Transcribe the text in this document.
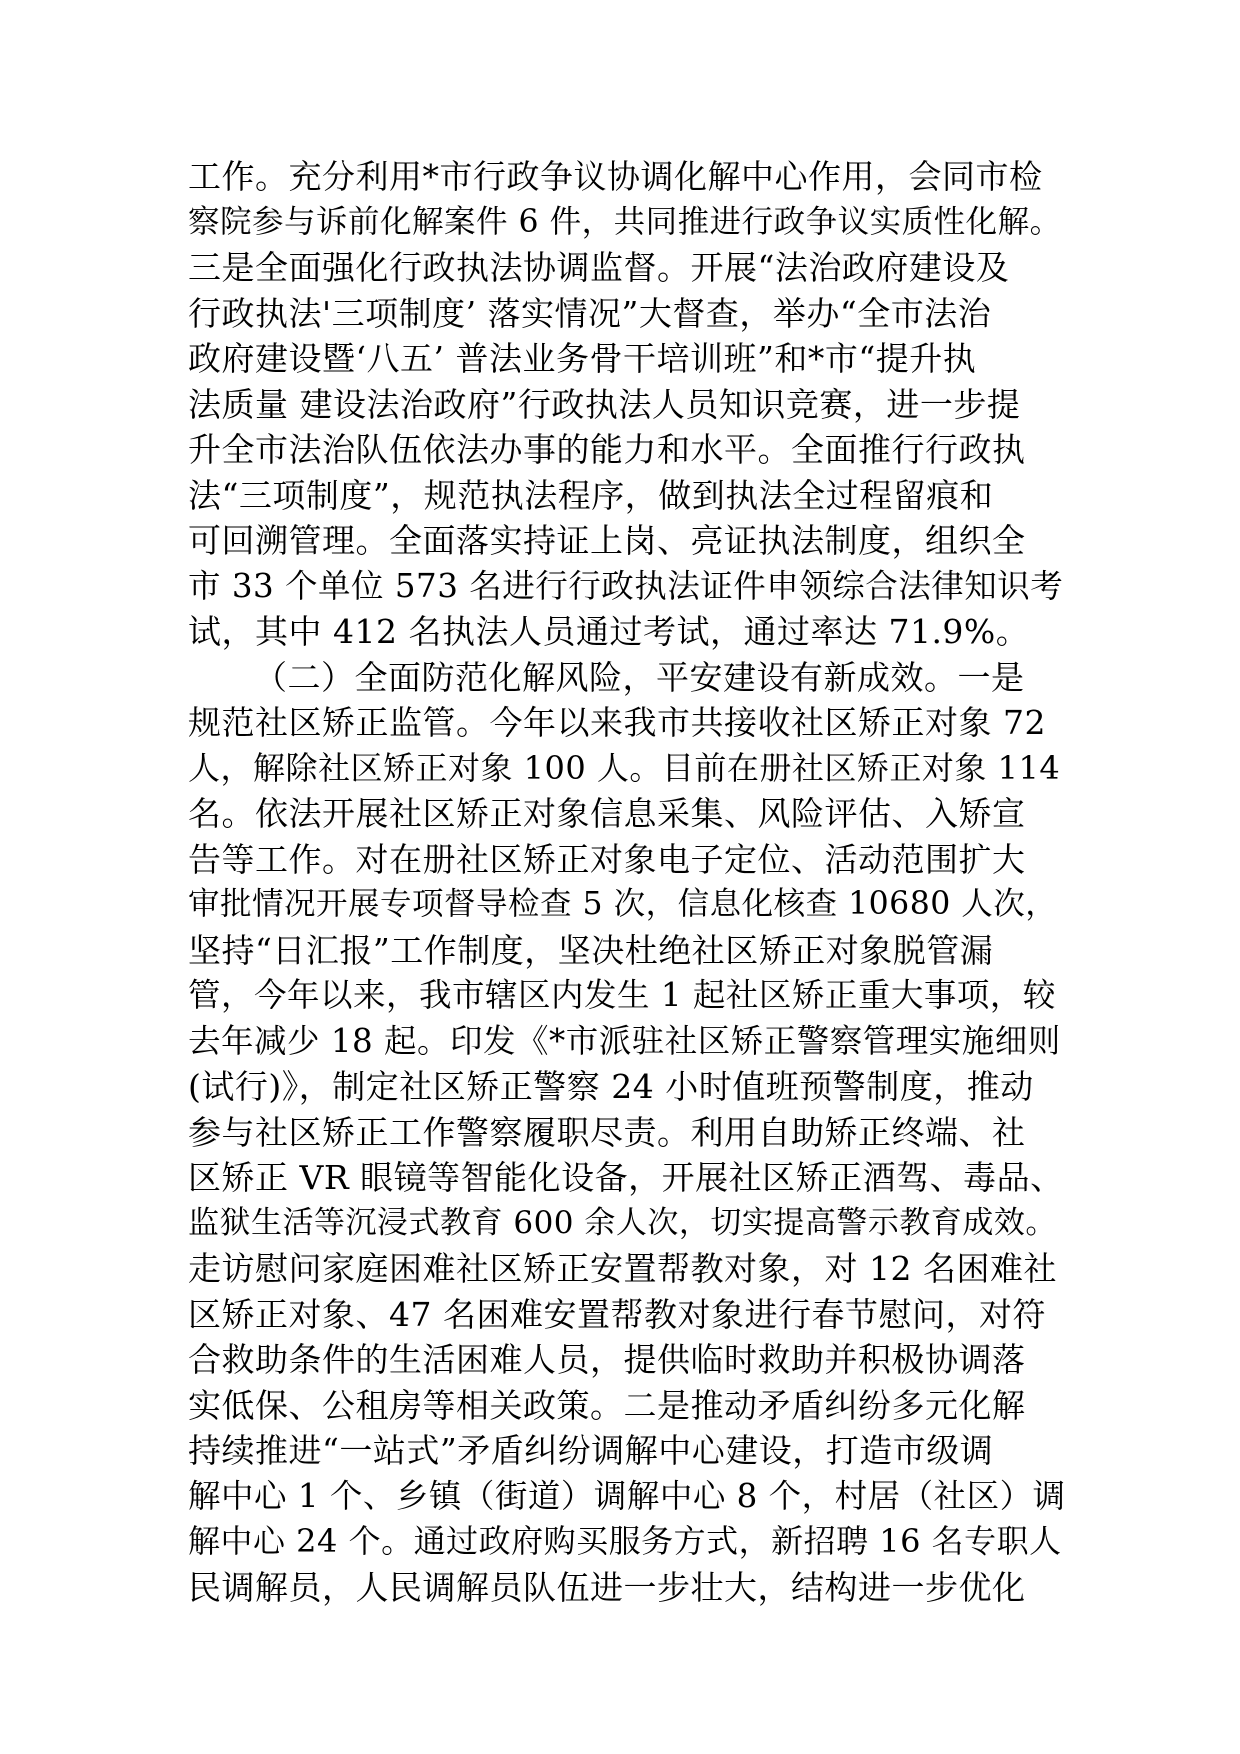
工作。充分利用*市行政争议协调化解中心作用，会同市检
察院参与诉前化解案件 6 件，共同推进行政争议实质性化解。
三是全面强化行政执法协调监督。开展“法治政府建设及
行政执法'三项制度’ 落实情况”大督查，举办“全市法治
政府建设暨‘八五’ 普法业务骨干培训班”和*市“提升执
法质量 建设法治政府”行政执法人员知识竞赛，进一步提
升全市法治队伍依法办事的能力和水平。全面推行行政执
法“三项制度”，规范执法程序，做到执法全过程留痕和
可回溯管理。全面落实持证上岗、亮证执法制度，组织全
市 33 个单位 573 名进行行政执法证件申领综合法律知识考
试，其中 412 名执法人员通过考试，通过率达 71.9%。
（二）全面防范化解风险，平安建设有新成效。一是
规范社区矫正监管。今年以来我市共接收社区矫正对象 72
人，解除社区矫正对象 100 人。目前在册社区矫正对象 114
名。依法开展社区矫正对象信息采集、风险评估、入矫宣
告等工作。对在册社区矫正对象电子定位、活动范围扩大
审批情况开展专项督导检查 5 次，信息化核查 10680 人次，
坚持“日汇报”工作制度，坚决杜绝社区矫正对象脱管漏
管，今年以来，我市辖区内发生 1 起社区矫正重大事项，较
去年减少 18 起。印发《*市派驻社区矫正警察管理实施细则
(试行)》，制定社区矫正警察 24 小时值班预警制度，推动
参与社区矫正工作警察履职尽责。利用自助矫正终端、社
区矫正 VR 眼镜等智能化设备，开展社区矫正酒驾、毒品、
监狱生活等沉浸式教育 600 余人次，切实提高警示教育成效。
走访慰问家庭困难社区矫正安置帮教对象，对 12 名困难社
区矫正对象、47 名困难安置帮教对象进行春节慰问，对符
合救助条件的生活困难人员，提供临时救助并积极协调落
实低保、公租房等相关政策。二是推动矛盾纠纷多元化解
持续推进“一站式”矛盾纠纷调解中心建设，打造市级调
解中心 1 个、乡镇（街道）调解中心 8 个，村居（社区）调
解中心 24 个。通过政府购买服务方式，新招聘 16 名专职人
民调解员，人民调解员队伍进一步壮大，结构进一步优化
